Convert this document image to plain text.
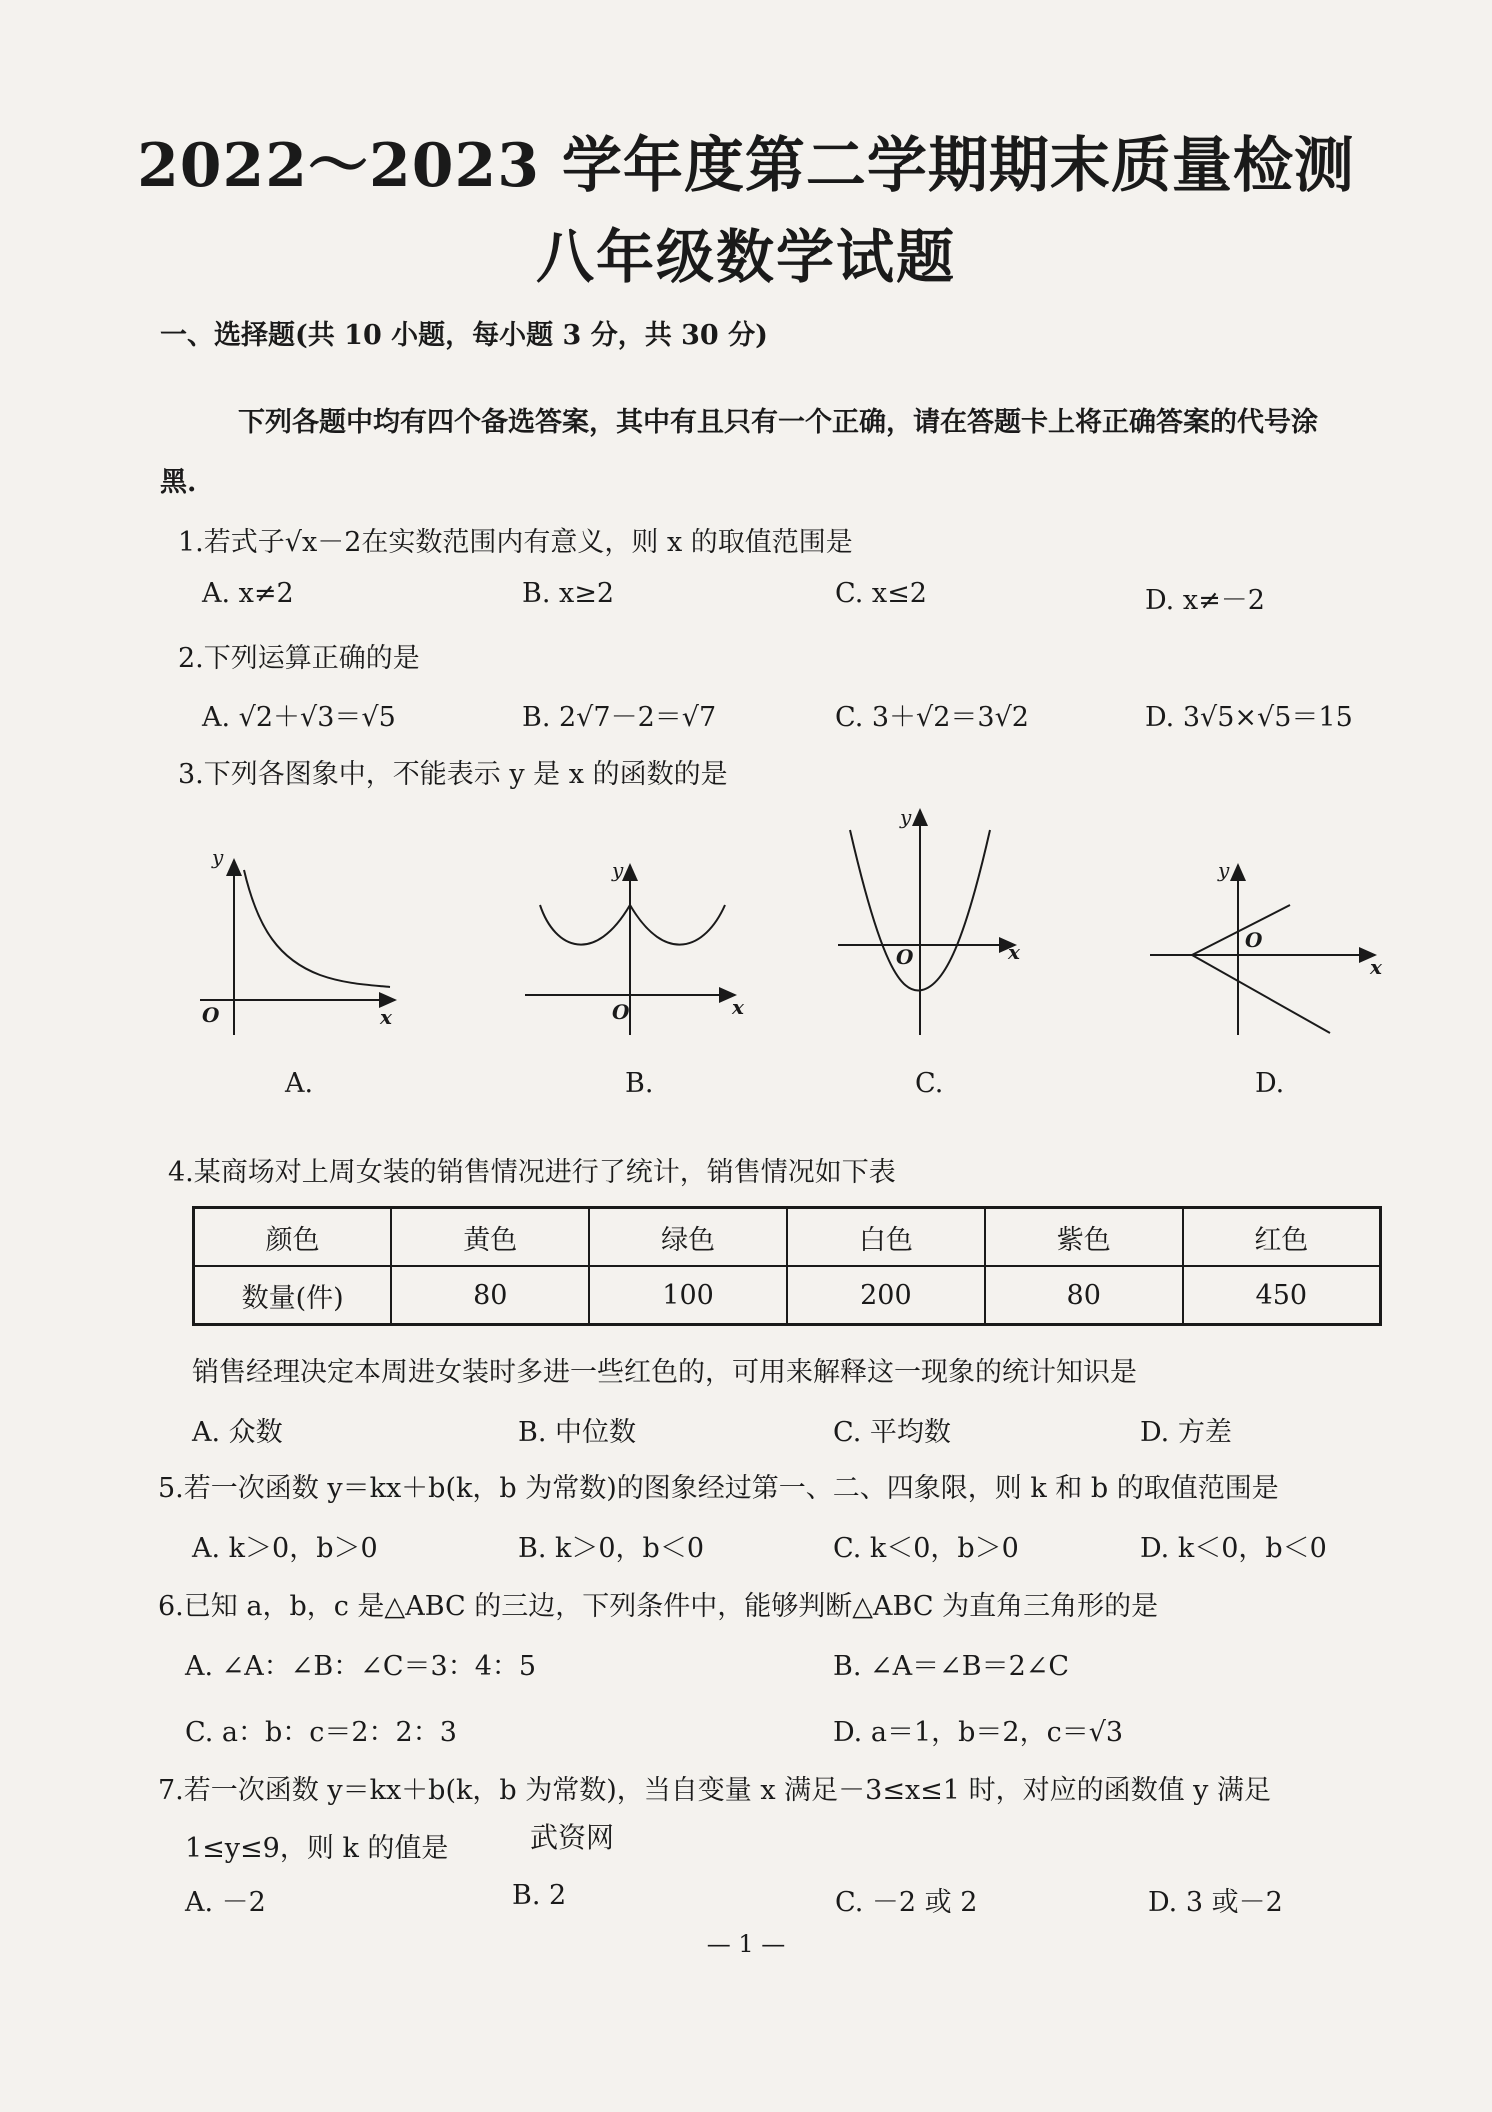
2022～2023 学年度第二学期期末质量检测
八年级数学试题
一、选择题(共 10 小题，每小题 3 分，共 30 分)
下列各题中均有四个备选答案，其中有且只有一个正确，请在答题卡上将正确答案的代号涂
黑.
1.若式子√x－2在实数范围内有意义，则 x 的取值范围是
A. x≠2	B. x≥2	C. x≤2	D. x≠－2
2.下列运算正确的是
A. √2＋√3＝√5	B. 2√7－2＝√7	C. 3＋√2＝3√2	D. 3√5×√5＝15
3.下列各图象中，不能表示 y 是 x 的函数的是
y
x
O
y
x
O
y
x
O
y
x
O
A.	B.	C.	D.
4.某商场对上周女装的销售情况进行了统计，销售情况如下表
颜色	黄色	绿色	白色	紫色	红色
数量(件)	80	100	200	80	450
销售经理决定本周进女装时多进一些红色的，可用来解释这一现象的统计知识是
A. 众数	B. 中位数	C. 平均数	D. 方差
5.若一次函数 y＝kx＋b(k，b 为常数)的图象经过第一、二、四象限，则 k 和 b 的取值范围是
A. k＞0，b＞0	B. k＞0，b＜0	C. k＜0，b＞0	D. k＜0，b＜0
6.已知 a，b，c 是△ABC 的三边，下列条件中，能够判断△ABC 为直角三角形的是
A. ∠A：∠B：∠C＝3：4：5	B. ∠A＝∠B＝2∠C
C. a：b：c＝2：2：3	D. a＝1，b＝2，c＝√3
7.若一次函数 y＝kx＋b(k，b 为常数)，当自变量 x 满足－3≤x≤1 时，对应的函数值 y 满足
1≤y≤9，则 k 的值是	武资网
A. －2	B. 2	C. －2 或 2	D. 3 或－2
— 1 —
